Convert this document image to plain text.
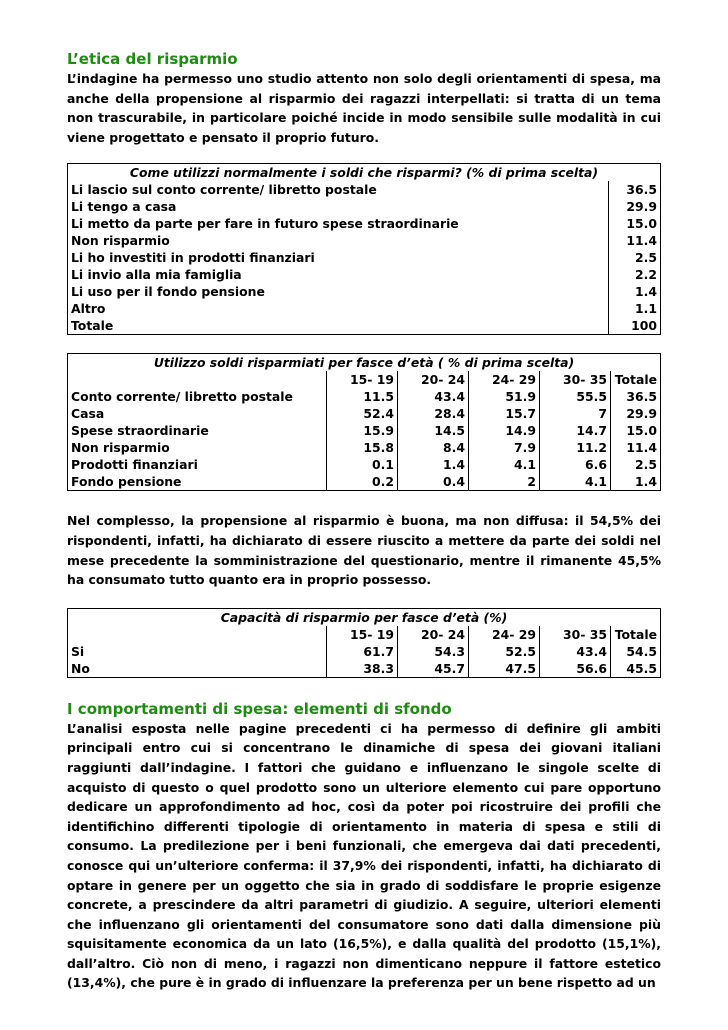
L’etica del risparmio

L’indagine ha permesso uno studio attento non solo degli orientamenti di spesa, ma anche della propensione al risparmio dei ragazzi interpellati: si tratta di un tema non trascurabile, in particolare poiché incide in modo sensibile sulle modalità in cui viene progettato e pensato il proprio futuro.

Come utilizzi normalmente i soldi che risparmi? (% di prima scelta)	
Li lascio sul conto corrente/ libretto postale	36.5
Li tengo a casa	29.9
Li metto da parte per fare in futuro spese straordinarie	15.0
Non risparmio	11.4
Li ho investiti in prodotti finanziari	2.5
Li invio alla mia famiglia	2.2
Li uso per il fondo pensione	1.4
Altro	1.1
Totale	100
Utilizzo soldi risparmiati per fasce d’età ( % di prima scelta)					
	15- 19	20- 24	24- 29	30- 35	Totale
Conto corrente/ libretto postale	11.5	43.4	51.9	55.5	36.5
Casa	52.4	28.4	15.7	7	29.9
Spese straordinarie	15.9	14.5	14.9	14.7	15.0
Non risparmio	15.8	8.4	7.9	11.2	11.4
Prodotti finanziari	0.1	1.4	4.1	6.6	2.5
Fondo pensione	0.2	0.4	2	4.1	1.4

Nel complesso, la propensione al risparmio è buona, ma non diffusa: il 54,5% dei rispondenti, infatti, ha dichiarato di essere riuscito a mettere da parte dei soldi nel mese precedente la somministrazione del questionario, mentre il rimanente 45,5% ha consumato tutto quanto era in proprio possesso.

Capacità di risparmio per fasce d’età (%)					
	15- 19	20- 24	24- 29	30- 35	Totale
Si	61.7	54.3	52.5	43.4	54.5
No	38.3	45.7	47.5	56.6	45.5
I comportamenti di spesa: elementi di sfondo

L’analisi esposta nelle pagine precedenti ci ha permesso di definire gli ambiti principali entro cui si concentrano le dinamiche di spesa dei giovani italiani raggiunti dall’indagine. I fattori che guidano e influenzano le singole scelte di acquisto di questo o quel prodotto sono un ulteriore elemento cui pare opportuno dedicare un approfondimento ad hoc, così da poter poi ricostruire dei profili che identifichino differenti tipologie di orientamento in materia di spesa e stili di consumo. La predilezione per i beni funzionali, che emergeva dai dati precedenti, conosce qui un’ulteriore conferma: il 37,9% dei rispondenti, infatti, ha dichiarato di optare in genere per un oggetto che sia in grado di soddisfare le proprie esigenze concrete, a prescindere da altri parametri di giudizio. A seguire, ulteriori elementi che influenzano gli orientamenti del consumatore sono dati dalla dimensione più squisitamente economica da un lato (16,5%), e dalla qualità del prodotto (15,1%), dall’altro. Ciò non di meno, i ragazzi non dimenticano neppure il fattore estetico (13,4%), che pure è in grado di influenzare la preferenza per un bene rispetto ad un
